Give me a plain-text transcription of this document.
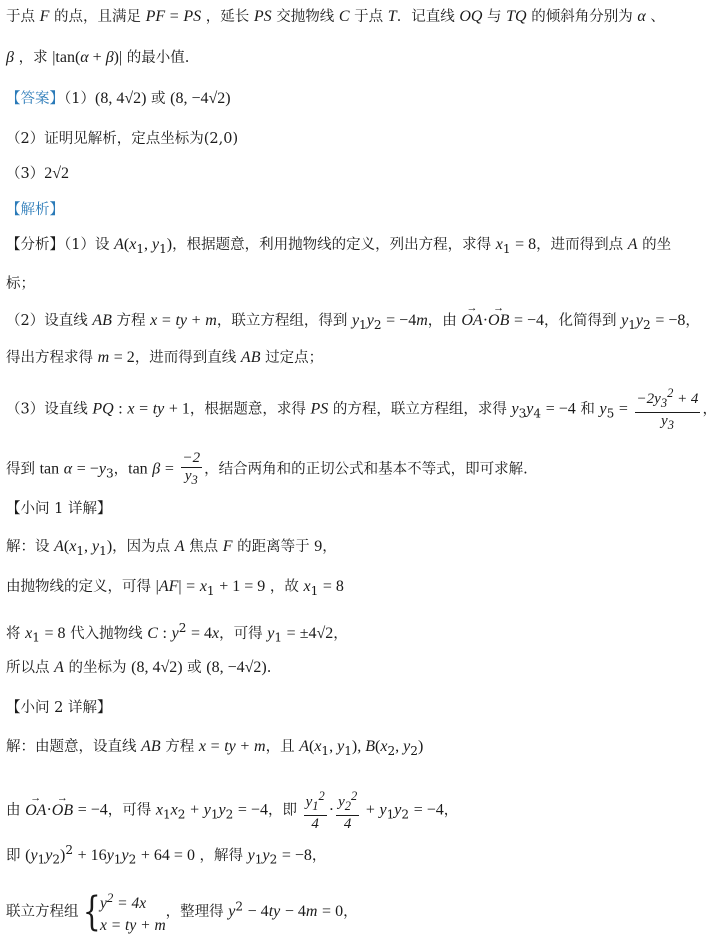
于点 F 的点，且满足 PF = PS ，延长 PS 交抛物线 C 于点 T．记直线 OQ 与 TQ 的倾斜角分别为 α 、
β ，求 |tan(α + β)| 的最小值.
【答案】（1）(8, 4√2) 或 (8, −4√2)
（2）证明见解析，定点坐标为(2,0)
（3）2√2
【解析】
【分析】（1）设 $A(x_1$, $y_1$)，根据题意，利用抛物线的定义，列出方程，求得 $x_1 = 8$，进而得到点 A 的坐
标；
（2）设直线 AB 方程 x = ty + m，联立方程组，得到 $y_1y_2 = -4m$，由 → OA·→ OB = −4，化简得到 $y_1y_2 = -8$，
得出方程求得 m = 2，进而得到直线 AB 过定点；
（3）设直线 PQ : x = ty + 1，根据题意，求得 PS 的方程，联立方程组，求得 $y_3y_4 = -4$ 和 $y_5 = \frac{-2y_3^2 + 4}{y_3}$ ，
得到 $\tan \alpha = -y_3$，$\tan \beta = \frac{-2}{y_3}$ ，结合两角和的正切公式和基本不等式，即可求解.
【小问 1 详解】
解：设 $A(x_1$, $y_1$)，因为点 A 焦点 F 的距离等于 9，
由抛物线的定义，可得 $|AF| = x_1 + 1 = 9$ ，故 $x_1 = 8$
将 $x_1 = 8$ 代入抛物线 C : $y^2 = 4x$，可得 $y_1 = \pm 4√2$，
所以点 A 的坐标为 (8, 4√2) 或 (8, −4√2).
【小问 2 详解】
解：由题意，设直线 AB 方程 x = ty + m，且 $A(x_1$, $y_1$), $B(x_2$, $y_2$)
由 → OA·→ OB = −4，可得 $x_1x_2 + y_1y_2 = -4$，即 $\frac{y_1^2}{4} \cdot \frac{y_2^2}{4} + y_1y_2 = -4$，
即 $(y_1y_2)^2 + 16y_1y_2 + 64 = 0$ ，解得 $y_1y_2 = -8$，
联立方程组{ $y^2 = 4x$
x = ty + m
，整理得 $y^2 - 4ty - 4m = 0$，
